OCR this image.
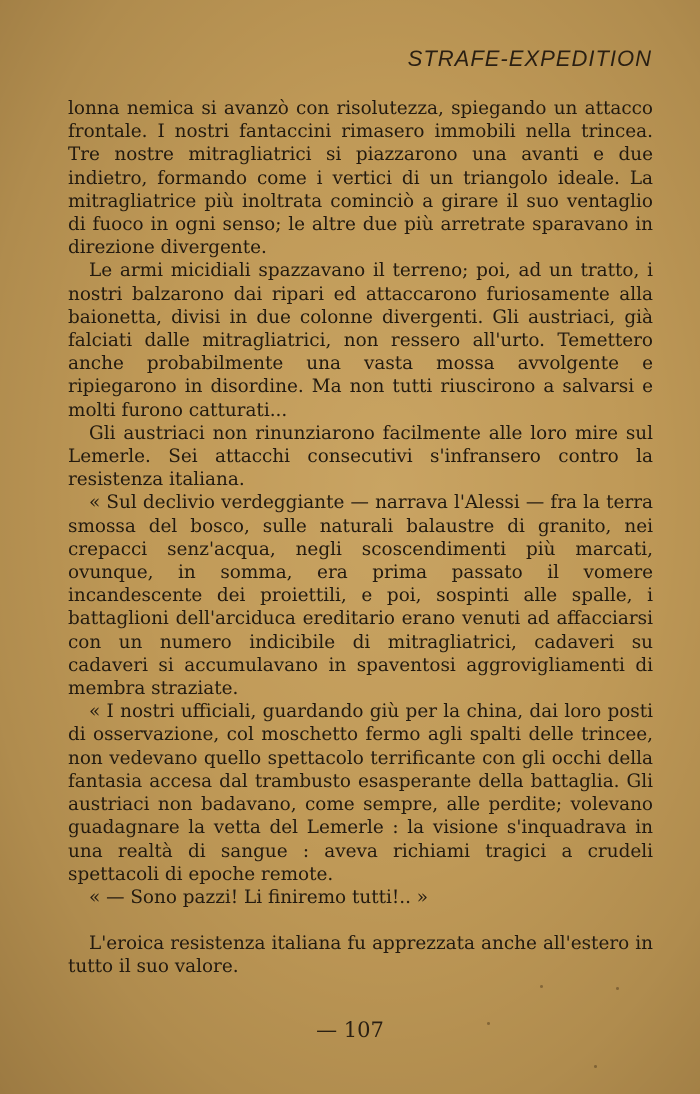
STRAFE-EXPEDITION

lonna nemica si avanzò con risolutezza, spiegando un attacco frontale. I nostri fantaccini rimasero immobili nella trincea. Tre nostre mitragliatrici si piazzarono una avanti e due indietro, formando come i vertici di un triangolo ideale. La mitragliatrice più inoltrata cominciò a girare il suo ventaglio di fuoco in ogni senso; le altre due più arretrate sparavano in direzione divergente.

Le armi micidiali spazzavano il terreno; poi, ad un tratto, i nostri balzarono dai ripari ed attaccarono furiosamente alla baionetta, divisi in due colonne divergenti. Gli austriaci, già falciati dalle mitragliatrici, non ressero all'urto. Temettero anche probabilmente una vasta mossa avvolgente e ripiegarono in disordine. Ma non tutti riuscirono a salvarsi e molti furono catturati...

Gli austriaci non rinunziarono facilmente alle loro mire sul Lemerle. Sei attacchi consecutivi s'infransero contro la resistenza italiana.

« Sul declivio verdeggiante — narrava l'Alessi — fra la terra smossa del bosco, sulle naturali balaustre di granito, nei crepacci senz'acqua, negli scoscendimenti più marcati, ovunque, in somma, era prima passato il vomere incandescente dei proiettili, e poi, sospinti alle spalle, i battaglioni dell'arciduca ereditario erano venuti ad affacciarsi con un numero indicibile di mitragliatrici, cadaveri su cadaveri si accumulavano in spaventosi aggrovigliamenti di membra straziate.

« I nostri ufficiali, guardando giù per la china, dai loro posti di osservazione, col moschetto fermo agli spalti delle trincee, non vedevano quello spettacolo terrificante con gli occhi della fantasia accesa dal trambusto esasperante della battaglia. Gli austriaci non badavano, come sempre, alle perdite; volevano guadagnare la vetta del Lemerle : la visione s'inquadrava in una realtà di sangue : aveva richiami tragici a crudeli spettacoli di epoche remote.

« — Sono pazzi! Li finiremo tutti!.. »

L'eroica resistenza italiana fu apprezzata anche all'estero in tutto il suo valore.

— 107
